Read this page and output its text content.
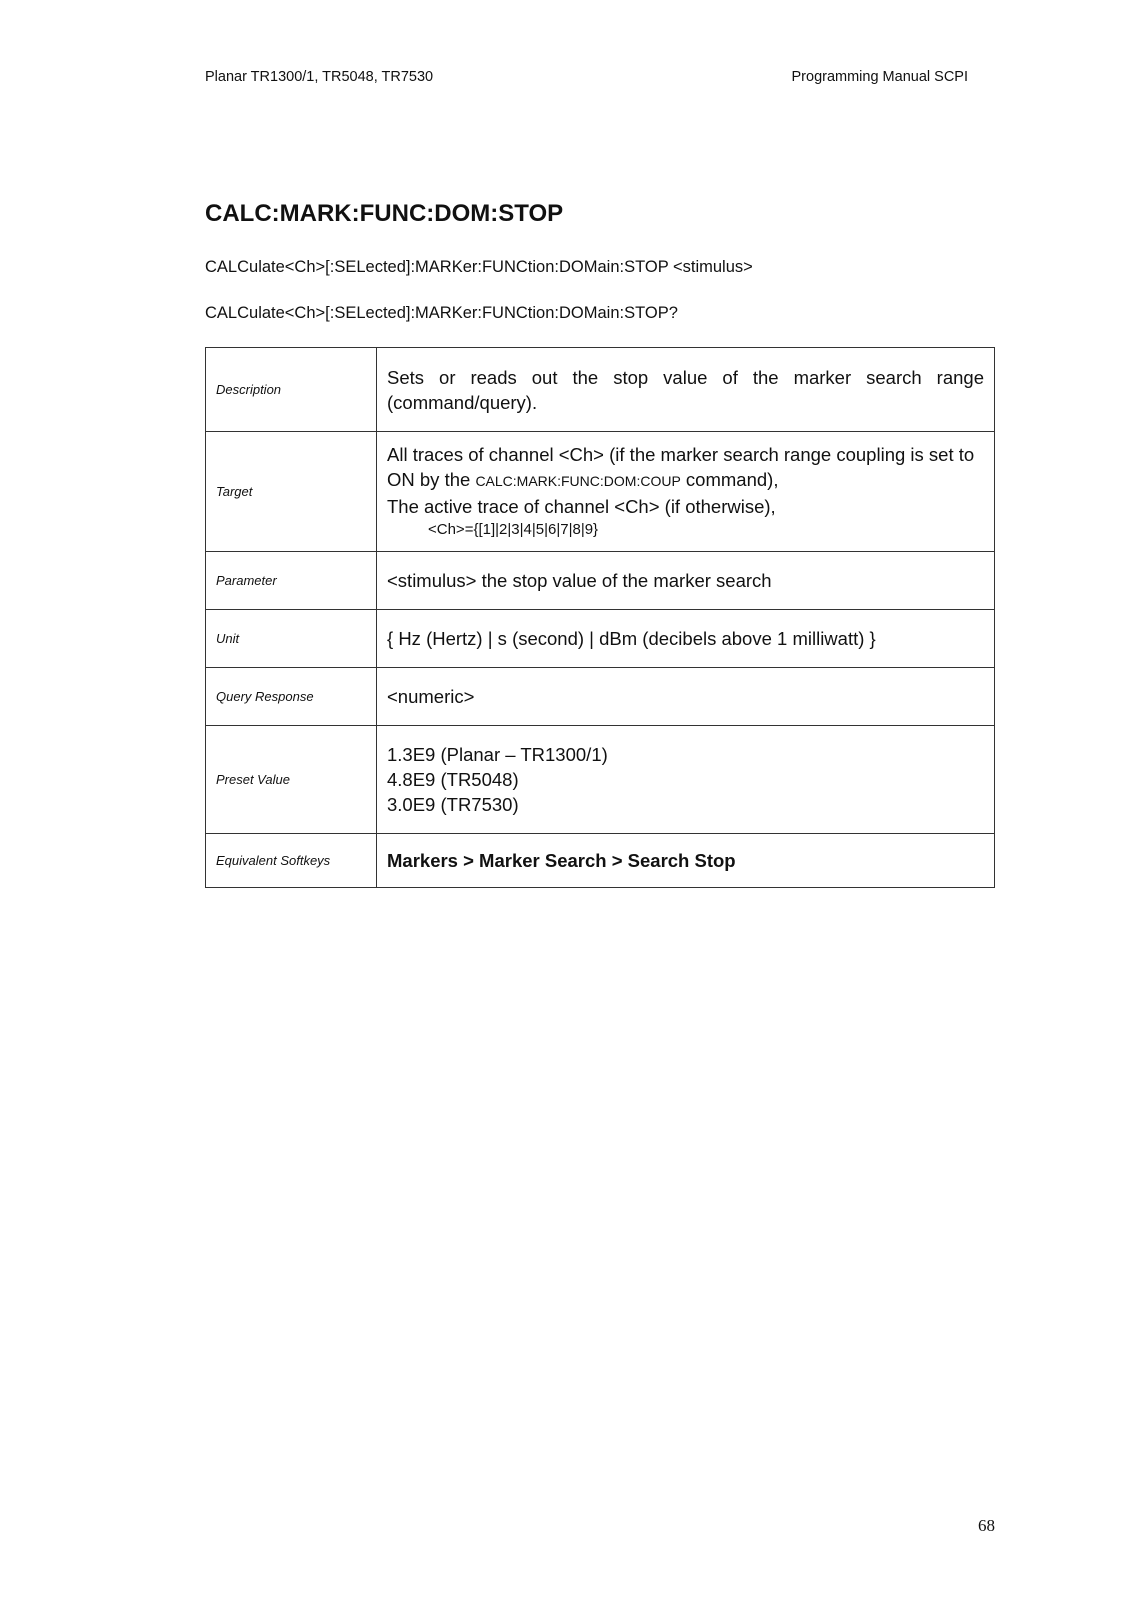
Planar TR1300/1, TR5048, TR7530	Programming Manual SCPI
CALC:MARK:FUNC:DOM:STOP
CALCulate<Ch>[:SELected]:MARKer:FUNCtion:DOMain:STOP <stimulus>
CALCulate<Ch>[:SELected]:MARKer:FUNCtion:DOMain:STOP?
Description	Sets or reads out the stop value of the marker search range (command/query).
Target	All traces of channel <Ch> (if the marker search range coupling is set to ON by the CALC:MARK:FUNC:DOM:COUP command),
The active trace of channel <Ch> (if otherwise),
<Ch>={[1]|2|3|4|5|6|7|8|9}

Parameter	<stimulus> the stop value of the marker search
Unit	{ Hz (Hertz) | s (second) | dBm (decibels above 1 milliwatt) }
Query Response	<numeric>
Preset Value	1.3E9 (Planar – TR1300/1)
4.8E9 (TR5048)
3.0E9 (TR7530)

Equivalent Softkeys	Markers > Marker Search > Search Stop
68
